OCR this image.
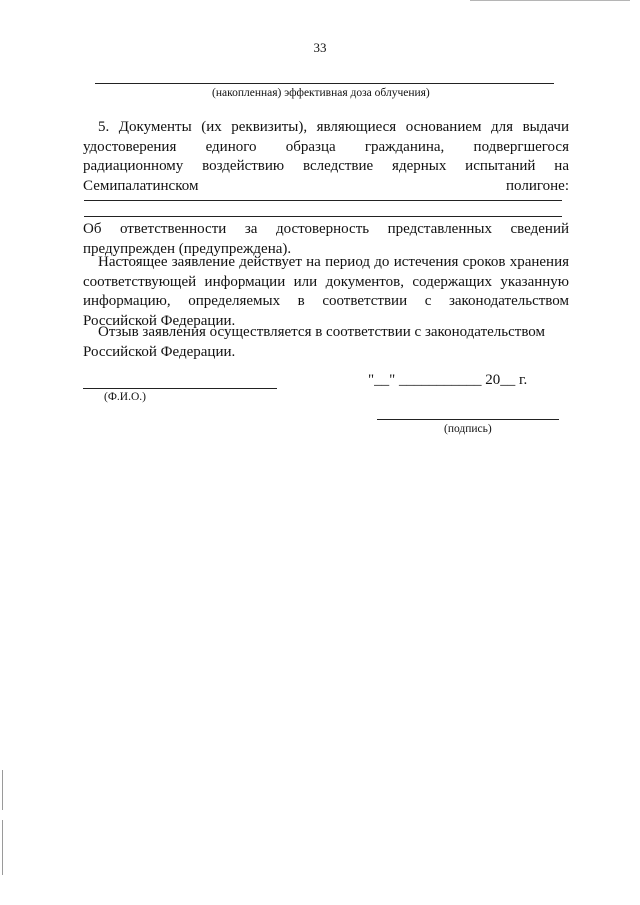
33
(накопленная) эффективная доза облучения)
5. Документы (их реквизиты), являющиеся основанием для выдачи
удостоверения единого образца гражданина, подвергшегося
радиационному воздействию вследствие ядерных испытаний на
Семипалатинском полигоне:
Об ответственности за достоверность представленных сведений
предупрежден (предупреждена).
Настоящее заявление действует на период до истечения сроков хранения
соответствующей информации или документов, содержащих указанную
информацию, определяемых в соответствии с законодательством
Российской Федерации.
Отзыв заявления осуществляется в соответствии с законодательством
Российской Федерации.
(Ф.И.О.)
"__" ___________ 20__ г.
(подпись)
